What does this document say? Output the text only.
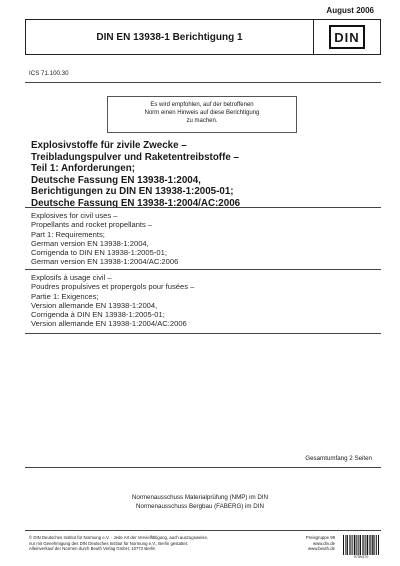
August 2006
DIN EN 13938-1 Berichtigung 1	DIN
ICS 71.100.30
Es wird empfohlen, auf der betroffenen
Norm einen Hinweis auf diese Berichtigung
zu machen.
Explosivstoffe für zivile Zwecke –
Treibladungspulver und Raketentreibstoffe –
Teil 1: Anforderungen;
Deutsche Fassung EN 13938-1:2004,
Berichtigungen zu DIN EN 13938-1:2005-01;
Deutsche Fassung EN 13938-1:2004/AC:2006
Explosives for civil uses –
Propellants and rocket propellants –
Part 1: Requirements;
German version EN 13938-1:2004,
Corrigenda to DIN EN 13938-1:2005-01;
German version EN 13938-1:2004/AC:2006
Explosifs à usage civil –
Poudres propulsives et propergols pour fusées –
Partie 1: Exigences;
Version allemande EN 13938-1:2004,
Corrigenda à DIN EN 13938-1:2005-01;
Version allemande EN 13938-1:2004/AC:2006
Gesamtumfang 2 Seiten
Normenausschuss Materialprüfung (NMP) im DIN
Normenausschuss Bergbau (FABERG) im DIN
© DIN Deutsches Institut für Normung e.V. · Jede Art der Vervielfältigung, auch auszugsweise,
nur mit Genehmigung des DIN Deutsches Institut für Normung e.V., Berlin gestattet.
Alleinverkauf der Normen durch Beuth Verlag GmbH, 10772 Berlin
Preisgruppe 99
www.din.de
www.beuth.de
9759370
